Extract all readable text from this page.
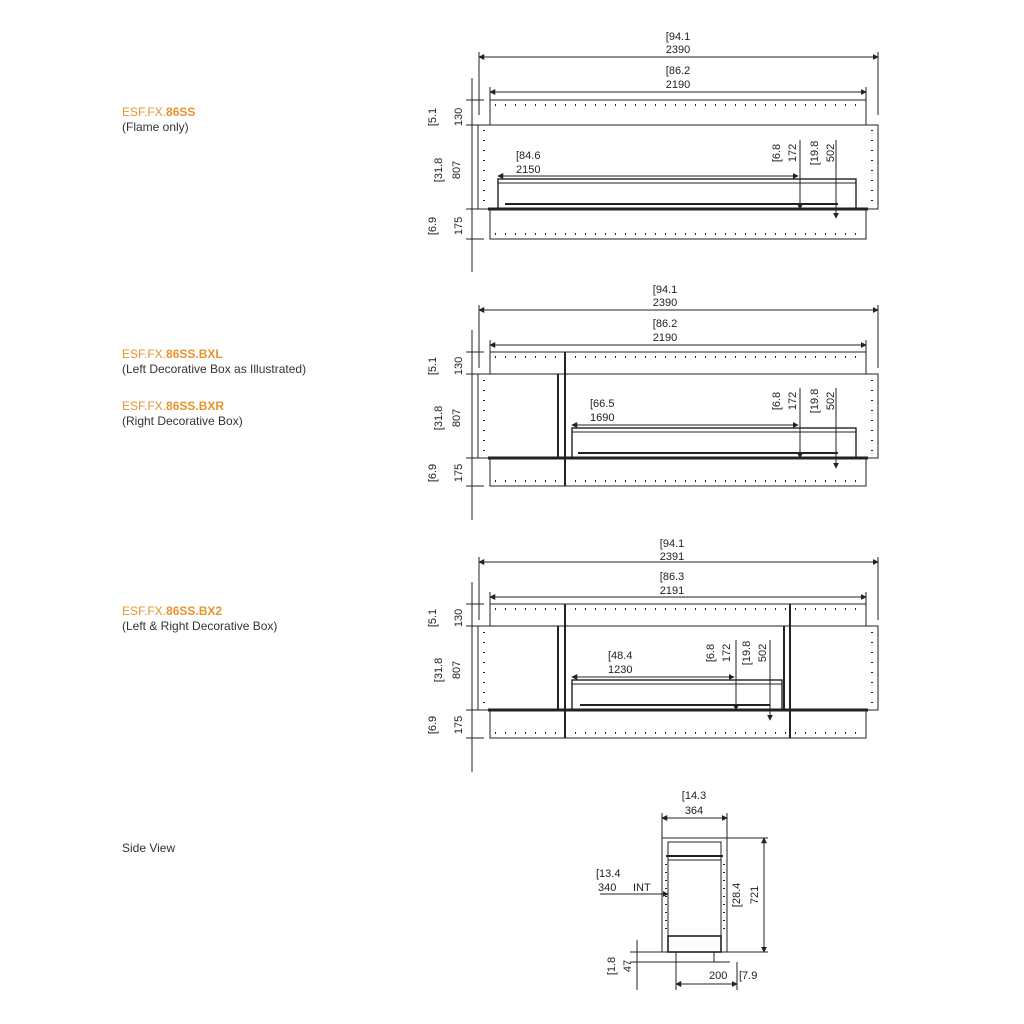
ESF.FX.86SS
(Flame only)
ESF.FX.86SS.BXL
(Left Decorative Box as Illustrated)
ESF.FX.86SS.BXR
(Right Decorative Box)
ESF.FX.86SS.BX2
(Left & Right Decorative Box)
Side View
[94.1
2390
[86.2
2190
[84.6
2150
[5.1 130
[31.8 807
[6.9 175
[6.8 172 [19.8 502
[94.1
2390
[86.2
2190
[66.5
1690
[5.1 130
[31.8 807
[6.9 175
[6.8 172 [19.8 502
[94.1
2391
[86.3
2191
[48.4
1230
[5.1 130
[31.8 807
[6.9 175
[6.8 172 [19.8 502
[14.3
364
[13.4
340 INT	[28.4 721
[1.8 47
200 [7.9
